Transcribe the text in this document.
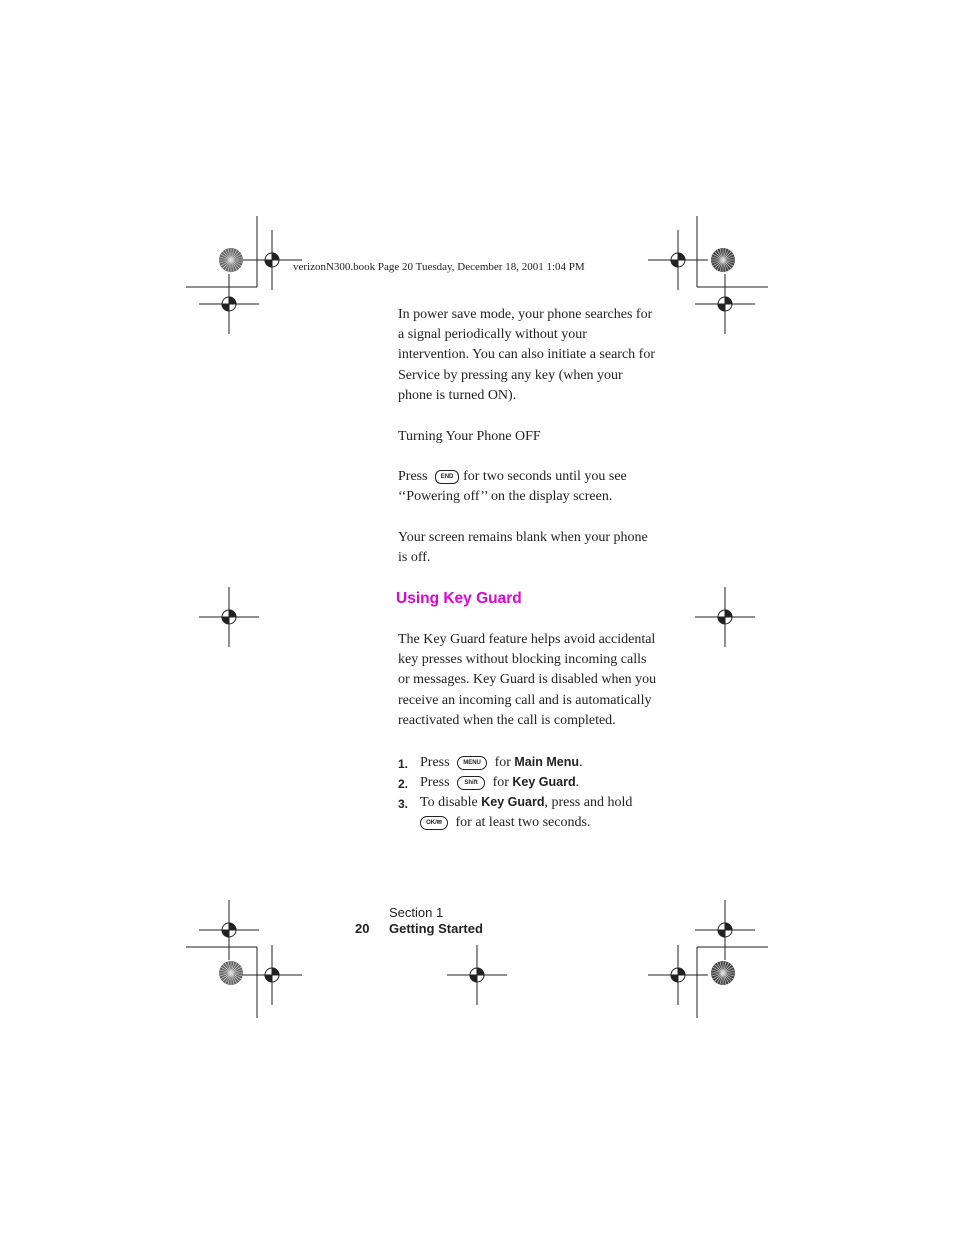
verizonN300.book Page 20 Tuesday, December 18, 2001 1:04 PM
In power save mode, your phone searches for a signal periodically without your intervention. You can also initiate a search for Service by pressing any key (when your phone is turned ON).
Turning Your Phone OFF
Press END for two seconds until you see
‘‘Powering off’’ on the display screen.
Your screen remains blank when your phone is off.
Using Key Guard
The Key Guard feature helps avoid accidental key presses without blocking incoming calls or messages. Key Guard is disabled when you receive an incoming call and is automatically reactivated when the call is completed.
1. Press MENU for Main Menu.
2. Press Shift for Key Guard.
3. To disable Key Guard, press and hold
OK/✉ for at least two seconds.
Section 1
20 Getting Started
